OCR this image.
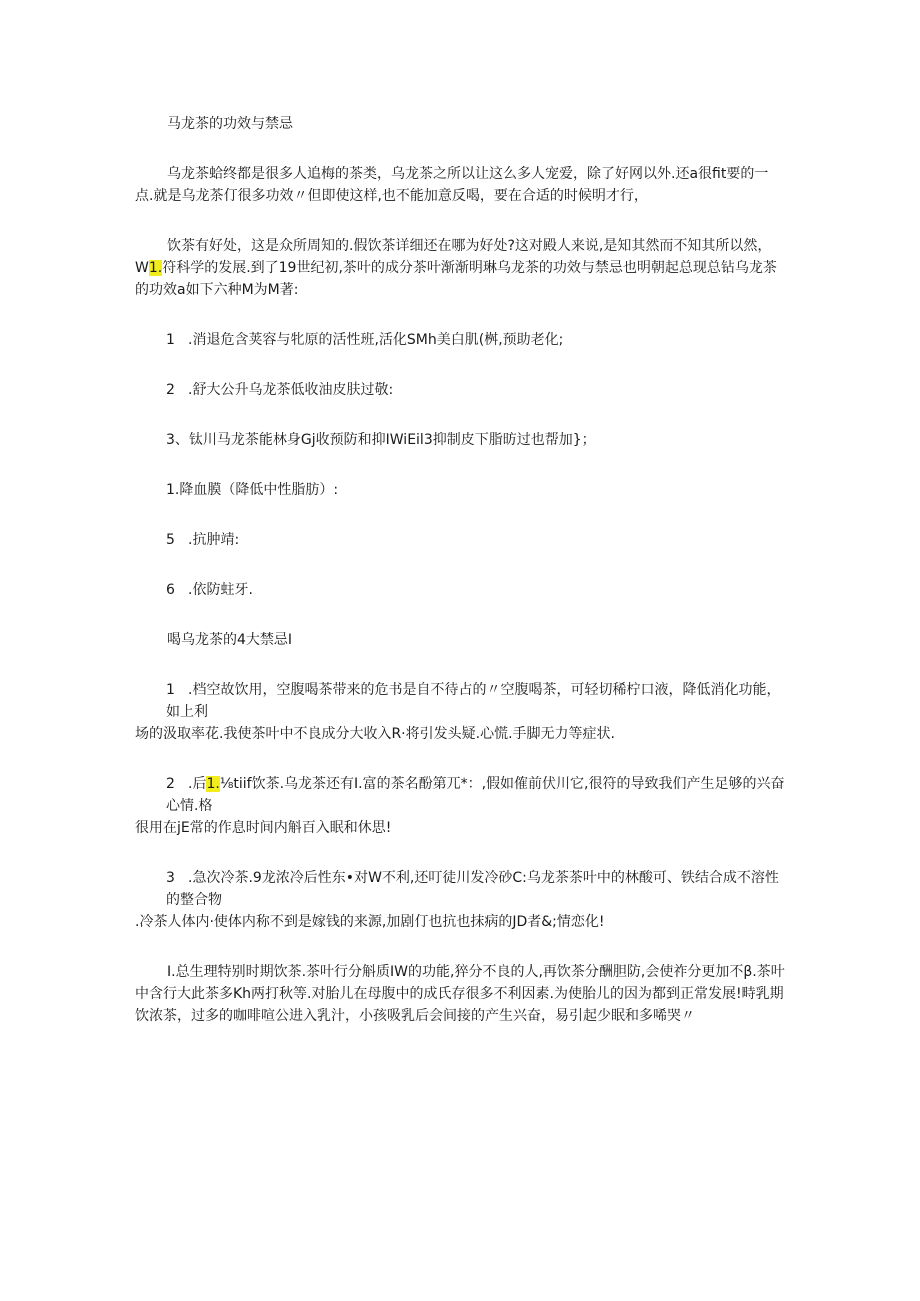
马龙茶的功效与禁忌

乌龙茶蛤终都是很多人追梅的茶类，乌龙茶之所以让这么多人宠爱，除了好网以外.还a很fit要的一点.就是乌龙茶仃很多功效〃但即使这样,也不能加意反喝，要在合适的时候明才行，

饮茶有好处，这是众所周知的.假饮茶详细还在哪为好处?这对殿人来说,是知其然而不知其所以然，W1.符科学的发展.到了19世纪初,茶叶的成分茶叶渐渐明琳乌龙茶的功效与禁忌也明朝起总现总钻乌龙茶的功效a如下六种M为M著:

1 .消退危含荚容与牝原的活性班,活化SMh美白肌(桝,预助老化;

2 .舒大公升乌龙茶低收油皮肤过敬:

3、钛川马龙茶能林身Gj收预防和抑IWiEil3抑制皮下脂昉过也帮加}；

1.降血膜（降低中性脂肪）:

5 .抗肿靖:

6 .依防蛀牙.

喝乌龙茶的4大禁忌I

1 .档空故饮用，空腹喝茶带来的危书是自不待占的〃空腹喝茶，可轻切稀柠口液，降低消化功能，如上利

场的汲取率花.我使茶叶中不良成分大收入R·将引发头疑.心慌.手脚无力等症状.

2 .后1.⅛tiif饮茶.乌龙茶还有I.富的茶名酚第兀*：,假如傕前伏川它,很符的导致我们产生足够的兴奋心情.格

很用在jE常的作息时间内斛百入眠和休思!

3 .急次冷茶.9龙浓冷后性东•对W不利,还叮徒川发冷砂C:乌龙茶茶叶中的林酸可、铁结合成不溶性的整合物

.冷茶人体内·使体内称不到是嫁钱的来源,加剧仃也抗也抹病的JD者&;情恋化!

I.总生理特别时期饮茶.茶叶行分斛质IW的功能,猝分不良的人,再饮茶分酬胆防,会使祚分更加不β.茶叶中含行大此茶多Kh两打秋等.对胎儿在母腹中的成氏存很多不利因素.为使胎儿的因为都到正常发展!畤乳期饮浓茶，过多的咖啡喧公进入乳汁，小孩吸乳后会间接的产生兴奋，易引起少眠和多唏哭〃
